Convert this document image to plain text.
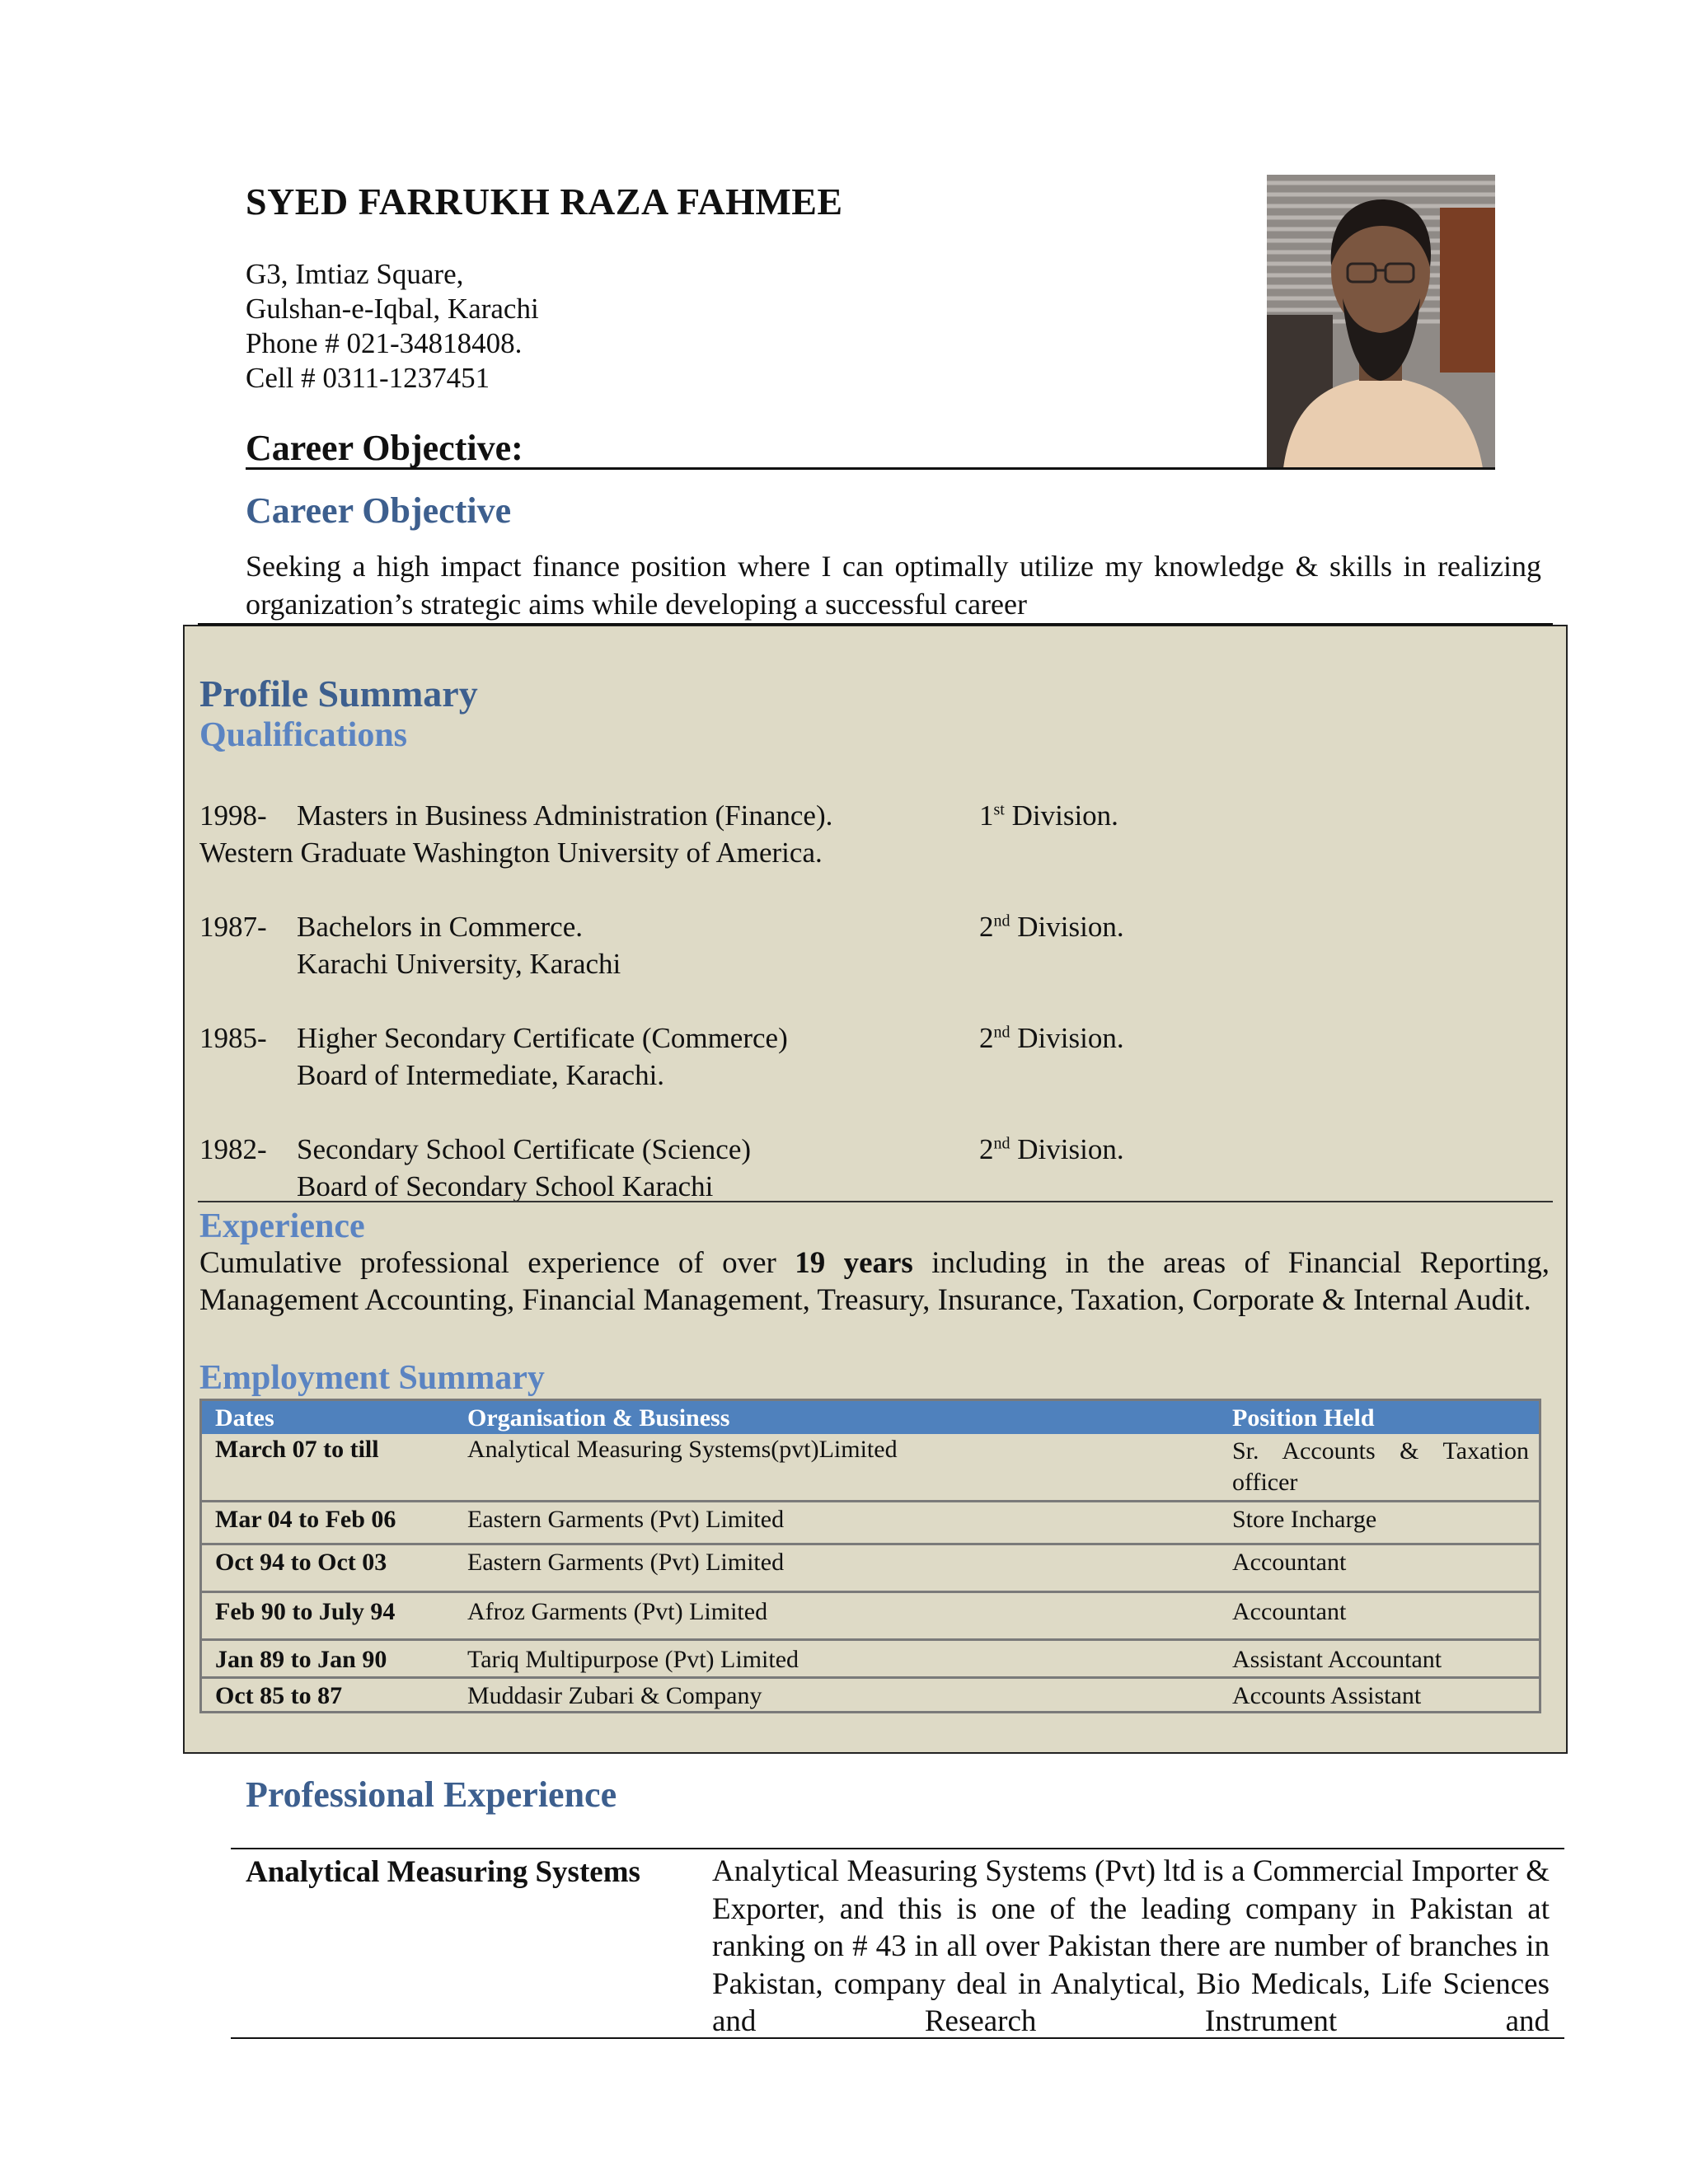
SYED FARRUKH RAZA FAHMEE
G3, Imtiaz Square,
Gulshan-e-Iqbal, Karachi
Phone # 021-34818408.
Cell # 0311-1237451
Career Objective:
Career Objective
Seeking a high impact finance position where I can optimally utilize my knowledge & skills in realizing organization’s strategic aims while developing a successful career
Profile Summary
Qualifications
1998- Masters in Business Administration (Finance).
Western Graduate Washington University of America.
1st Division.
1987- Bachelors in Commerce.
Karachi University, Karachi
2nd Division.
1985- Higher Secondary Certificate (Commerce)
Board of Intermediate, Karachi.
2nd Division.
1982- Secondary School Certificate (Science)
Board of Secondary School Karachi
2nd Division.
Experience
Cumulative professional experience of over 19 years including in the areas of Financial Reporting, Management Accounting, Financial Management, Treasury, Insurance, Taxation, Corporate & Internal Audit.
Employment Summary
Dates	Organisation & Business	Position Held
March 07 to till	Analytical Measuring Systems(pvt)Limited	Sr. Accounts & Taxation officer
Mar 04 to Feb 06	Eastern Garments (Pvt) Limited	Store Incharge
Oct 94 to Oct 03	Eastern Garments (Pvt) Limited	Accountant
Feb 90 to July 94	Afroz Garments (Pvt) Limited	Accountant
Jan 89 to Jan 90	Tariq Multipurpose (Pvt) Limited	Assistant Accountant
Oct 85 to 87	Muddasir Zubari & Company	Accounts Assistant
Professional Experience
Analytical Measuring Systems Analytical Measuring Systems (Pvt) ltd is a Commercial Importer & Exporter, and this is one of the leading company in Pakistan at ranking on # 43 in all over Pakistan there are number of branches in Pakistan, company deal in Analytical, Bio Medicals, Life Sciences and Research Instrument and
